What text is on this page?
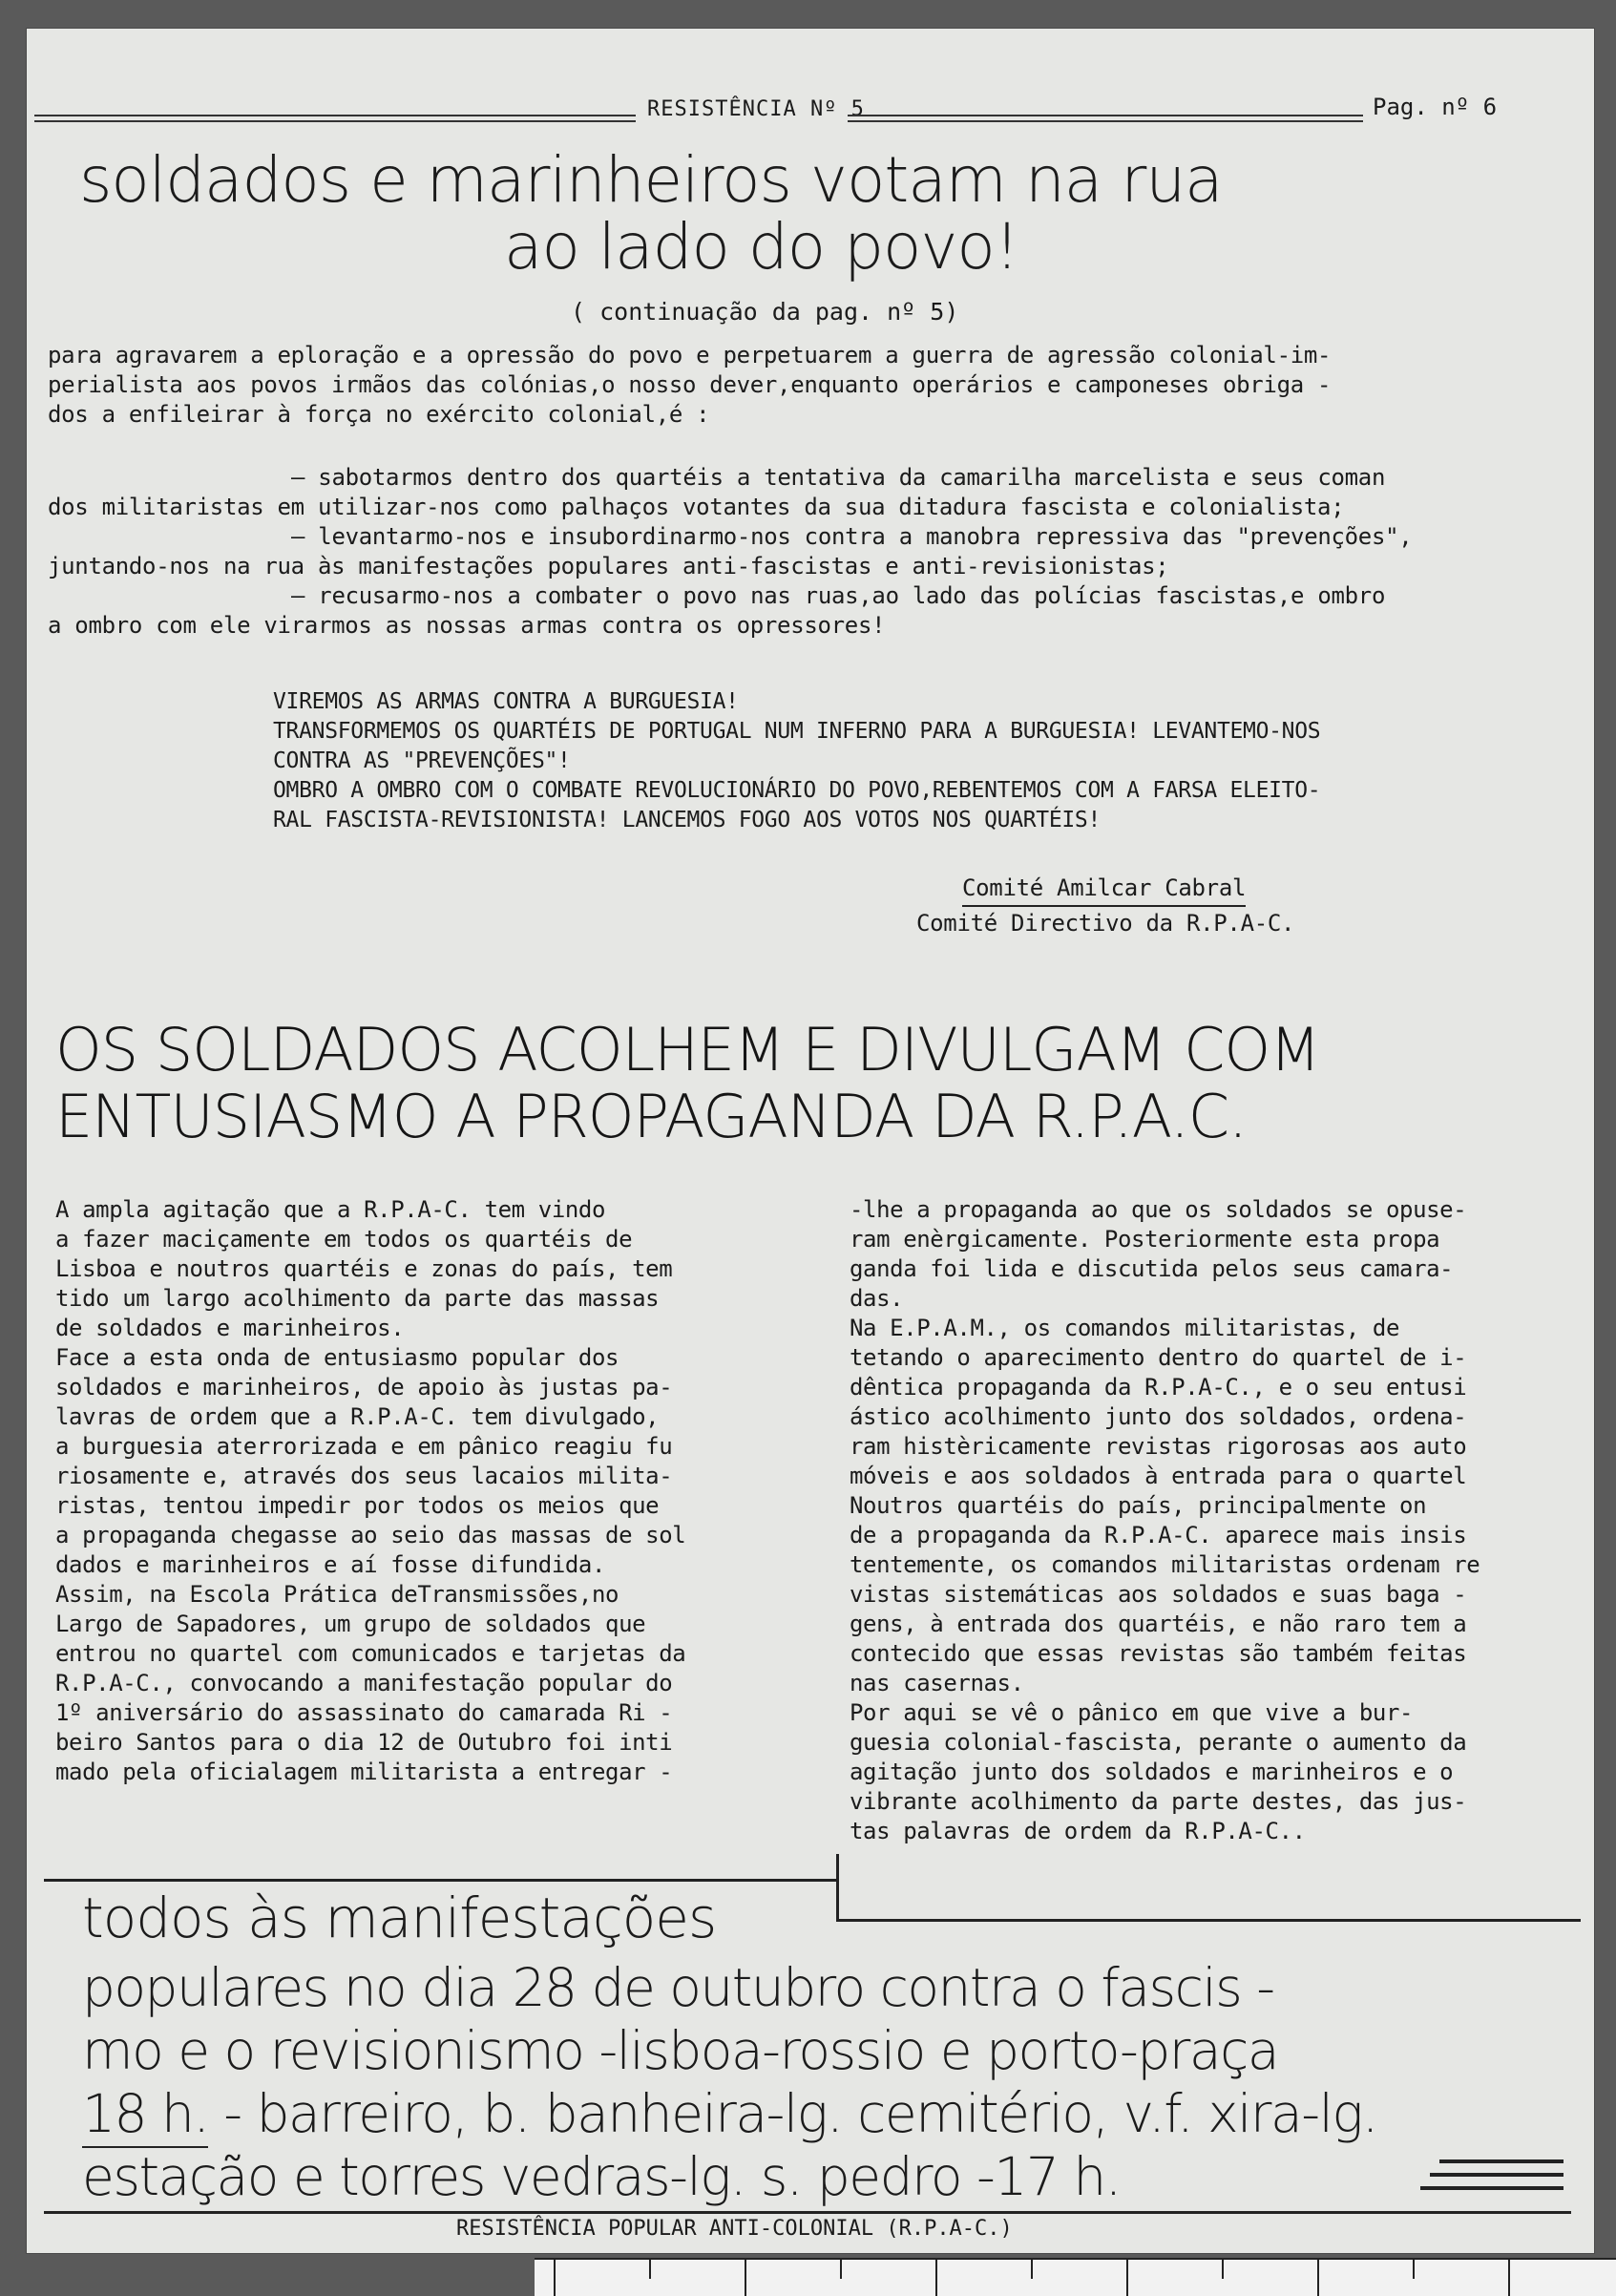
RESISTÊNCIA Nº 5	Pag. nº 6
soldados e marinheiros votam na rua
ao lado do povo!
( continuação da pag. nº 5)

para agravarem a eploração e a opressão do povo e perpetuarem a guerra de agressão colonial-im-

perialista aos povos irmãos das colónias,o nosso dever,enquanto operários e camponeses obriga -

dos a enfileirar à força no exército colonial,é :

— sabotarmos dentro dos quartéis a tentativa da camarilha marcelista e seus coman

dos militaristas em utilizar-nos como palhaços votantes da sua ditadura fascista e colonialista;

— levantarmo-nos e insubordinarmo-nos contra a manobra repressiva das "prevenções",

juntando-nos na rua às manifestações populares anti-fascistas e anti-revisionistas;

— recusarmo-nos a combater o povo nas ruas,ao lado das polícias fascistas,e ombro

a ombro com ele virarmos as nossas armas contra os opressores!

VIREMOS AS ARMAS CONTRA A BURGUESIA!

TRANSFORMEMOS OS QUARTÉIS DE PORTUGAL NUM INFERNO PARA A BURGUESIA! LEVANTEMO-NOS

CONTRA AS "PREVENÇÕES"!

OMBRO A OMBRO COM O COMBATE REVOLUCIONÁRIO DO POVO,REBENTEMOS COM A FARSA ELEITO-

RAL FASCISTA-REVISIONISTA! LANCEMOS FOGO AOS VOTOS NOS QUARTÉIS!

Comité Amilcar Cabral
Comité Directivo da R.P.A-C.
OS SOLDADOS ACOLHEM E DIVULGAM COM
ENTUSIASMO A PROPAGANDA DA R.P.A.C.

A ampla agitação que a R.P.A-C. tem vindo

a fazer maciçamente em todos os quartéis de

Lisboa e noutros quartéis e zonas do país, tem

tido um largo acolhimento da parte das massas

de soldados e marinheiros.

Face a esta onda de entusiasmo popular dos

soldados e marinheiros, de apoio às justas pa-

lavras de ordem que a R.P.A-C. tem divulgado,

a burguesia aterrorizada e em pânico reagiu fu

riosamente e, através dos seus lacaios milita-

ristas, tentou impedir por todos os meios que

a propaganda chegasse ao seio das massas de sol

dados e marinheiros e aí fosse difundida.

Assim, na Escola Prática deTransmissões,no

Largo de Sapadores, um grupo de soldados que

entrou no quartel com comunicados e tarjetas da

R.P.A-C., convocando a manifestação popular do

1º aniversário do assassinato do camarada Ri -

beiro Santos para o dia 12 de Outubro foi inti

mado pela oficialagem militarista a entregar -

-lhe a propaganda ao que os soldados se opuse-

ram enèrgicamente. Posteriormente esta propa

ganda foi lida e discutida pelos seus camara-

das.

Na E.P.A.M., os comandos militaristas, de

tetando o aparecimento dentro do quartel de i-

dêntica propaganda da R.P.A-C., e o seu entusi

ástico acolhimento junto dos soldados, ordena-

ram histèricamente revistas rigorosas aos auto

móveis e aos soldados à entrada para o quartel

Noutros quartéis do país, principalmente on

de a propaganda da R.P.A-C. aparece mais insis

tentemente, os comandos militaristas ordenam re

vistas sistemáticas aos soldados e suas baga -

gens, à entrada dos quartéis, e não raro tem a

contecido que essas revistas são também feitas

nas casernas.

Por aqui se vê o pânico em que vive a bur-

guesia colonial-fascista, perante o aumento da

agitação junto dos soldados e marinheiros e o

vibrante acolhimento da parte destes, das jus-

tas palavras de ordem da R.P.A-C..

todos às manifestações
populares no dia 28 de outubro contra o fascis -
mo e o revisionismo -lisboa-rossio e porto-praça
18 h. - barreiro, b. banheira-lg. cemitério, v.f. xira-lg.
estação e torres vedras-lg. s. pedro -17 h.
RESISTÊNCIA POPULAR ANTI-COLONIAL (R.P.A-C.)
